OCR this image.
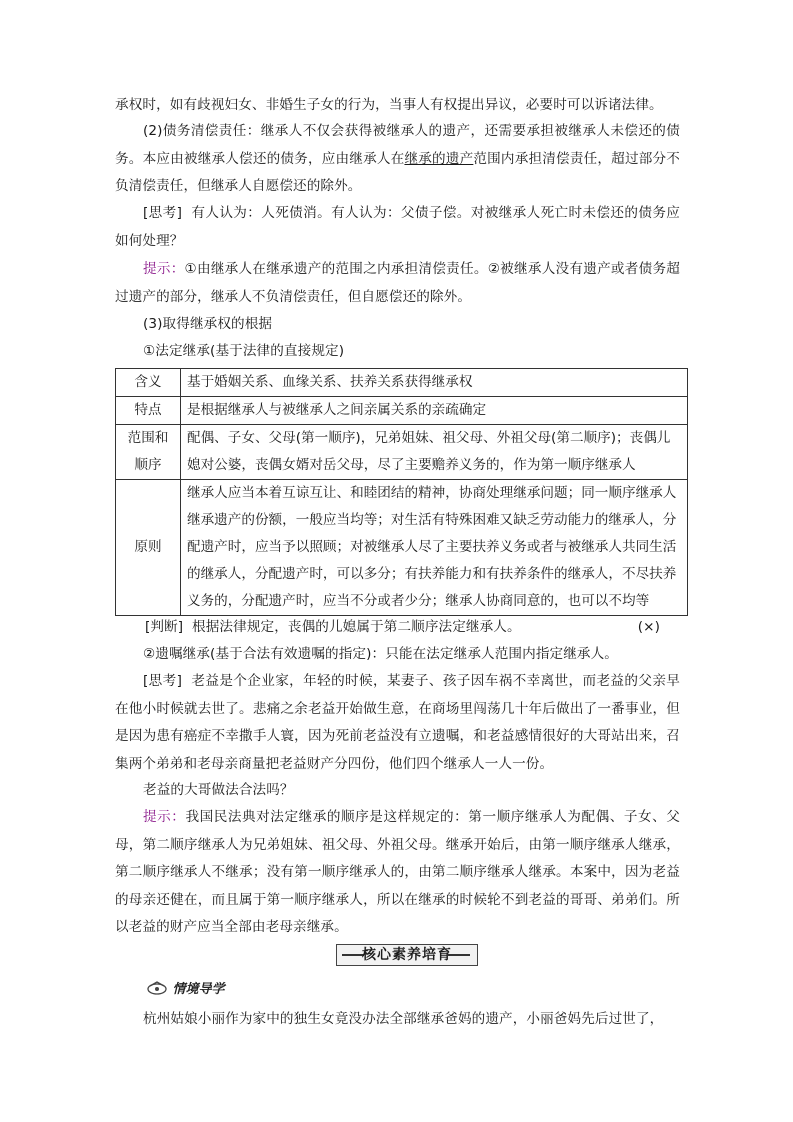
承权时，如有歧视妇女、非婚生子女的行为，当事人有权提出异议，必要时可以诉诸法律。

(2)债务清偿责任：继承人不仅会获得被继承人的遗产，还需要承担被继承人未偿还的债务。本应由被继承人偿还的债务，应由继承人在继承的遗产范围内承担清偿责任，超过部分不负清偿责任，但继承人自愿偿还的除外。

[思考] 有人认为：人死债消。有人认为：父债子偿。对被继承人死亡时未偿还的债务应如何处理？

提示：①由继承人在继承遗产的范围之内承担清偿责任。②被继承人没有遗产或者债务超过遗产的部分，继承人不负清偿责任，但自愿偿还的除外。

(3)取得继承权的根据

①法定继承(基于法律的直接规定)

含义	基于婚姻关系、血缘关系、扶养关系获得继承权
特点	是根据继承人与被继承人之间亲属关系的亲疏确定
范围和顺序	配偶、子女、父母(第一顺序)，兄弟姐妹、祖父母、外祖父母(第二顺序)；丧偶儿媳对公婆，丧偶女婿对岳父母，尽了主要赡养义务的，作为第一顺序继承人
原则	继承人应当本着互谅互让、和睦团结的精神，协商处理继承问题；同一顺序继承人继承遗产的份额，一般应当均等；对生活有特殊困难又缺乏劳动能力的继承人，分配遗产时，应当予以照顾；对被继承人尽了主要扶养义务或者与被继承人共同生活的继承人，分配遗产时，可以多分；有扶养能力和有扶养条件的继承人，不尽扶养义务的，分配遗产时，应当不分或者少分；继承人协商同意的，也可以不均等

[判断] 根据法律规定，丧偶的儿媳属于第二顺序法定继承人。	(×)

②遗嘱继承(基于合法有效遗嘱的指定)：只能在法定继承人范围内指定继承人。

[思考] 老益是个企业家，年轻的时候，某妻子、孩子因车祸不幸离世，而老益的父亲早在他小时候就去世了。悲痛之余老益开始做生意，在商场里闯荡几十年后做出了一番事业，但是因为患有癌症不幸撒手人寰，因为死前老益没有立遗嘱，和老益感情很好的大哥站出来，召集两个弟弟和老母亲商量把老益财产分四份，他们四个继承人一人一份。

老益的大哥做法合法吗？

提示：我国民法典对法定继承的顺序是这样规定的：第一顺序继承人为配偶、子女、父母，第二顺序继承人为兄弟姐妹、祖父母、外祖父母。继承开始后，由第一顺序继承人继承，第二顺序继承人不继承；没有第一顺序继承人的，由第二顺序继承人继承。本案中，因为老益的母亲还健在，而且属于第一顺序继承人，所以在继承的时候轮不到老益的哥哥、弟弟们。所以老益的财产应当全部由老母亲继承。

核心素养培育
情境导学

杭州姑娘小丽作为家中的独生女竟没办法全部继承爸妈的遗产，小丽爸妈先后过世了，
